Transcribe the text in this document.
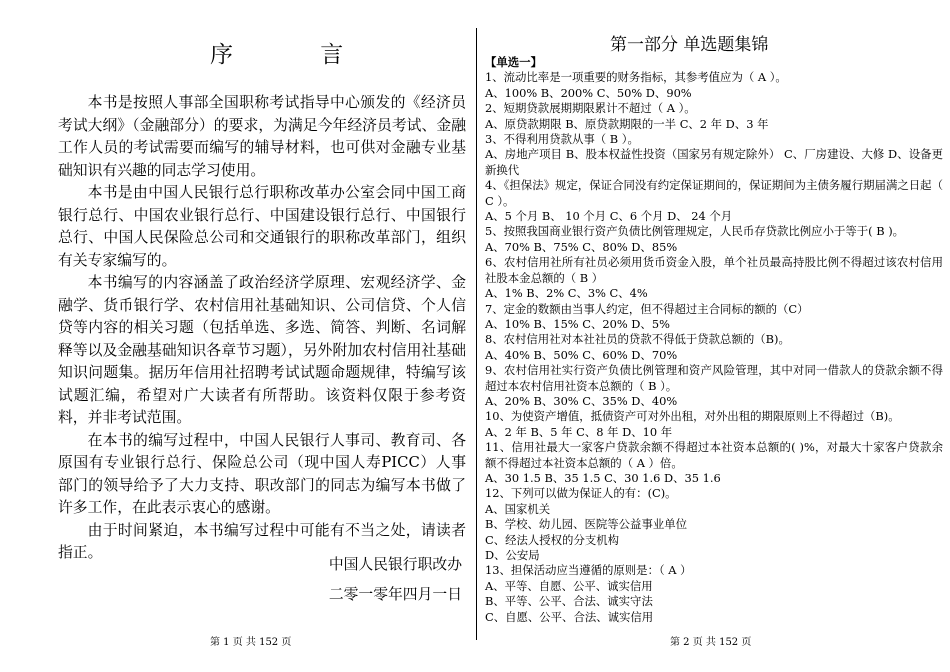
序 言

本书是按照人事部全国职称考试指导中心颁发的《经济员考试大纲》（金融部分）的要求，为满足今年经济员考试、金融工作人员的考试需要而编写的辅导材料，也可供对金融专业基础知识有兴趣的同志学习使用。

本书是由中国人民银行总行职称改革办公室会同中国工商银行总行、中国农业银行总行、中国建设银行总行、中国银行总行、中国人民保险总公司和交通银行的职称改革部门，组织有关专家编写的。

本书编写的内容涵盖了政治经济学原理、宏观经济学、金融学、货币银行学、农村信用社基础知识、公司信贷、个人信贷等内容的相关习题（包括单选、多选、简答、判断、名词解释等以及金融基础知识各章节习题），另外附加农村信用社基础知识问题集。据历年信用社招聘考试试题命题规律，特编写该试题汇编，希望对广大读者有所帮助。该资料仅限于参考资料，并非考试范围。

在本书的编写过程中，中国人民银行人事司、教育司、各原国有专业银行总行、保险总公司（现中国人寿PICC）人事部门的领导给予了大力支持、职改部门的同志为编写本书做了许多工作，在此表示衷心的感谢。

由于时间紧迫，本书编写过程中可能有不当之处，请读者指正。

中国人民银行职改办
二零一零年四月一日
第 1 页 共 152 页
第一部分 单选题集锦
【单选一】
1、流动比率是一项重要的财务指标，其参考值应为（ A ）。
A、100% B、200% C、50% D、90%
2、短期贷款展期期限累计不超过（ A ）。
A、原贷款期限 B、原贷款期限的一半 C、2 年 D、3 年
3、不得利用贷款从事（ B ）。
A、房地产项目 B、股本权益性投资（国家另有规定除外） C、厂房建设、大修 D、设备更新换代
4、《担保法》规定，保证合同没有约定保证期间的，保证期间为主债务履行期届满之日起（ C ）。
A、5 个月 B、 10 个月 C、6 个月 D、 24 个月
5、按照我国商业银行资产负债比例管理规定，人民币存贷款比例应小于等于( B )。
A、70% B、75% C、80% D、85%
6、农村信用社所有社员必须用货币资金入股，单个社员最高持股比例不得超过该农村信用社股本金总额的（ B ）
A、1% B、2% C、3% C、4%
7、定金的数额由当事人约定，但不得超过主合同标的额的（C）
A、10% B、15% C、20% D、5%
8、农村信用社对本社社员的贷款不得低于贷款总额的（B)。
A、40% B、50% C、60% D、70%
9、农村信用社实行资产负债比例管理和资产风险管理，其中对同一借款人的贷款余额不得超过本农村信用社资本总额的（ B ）。
A、20% B、30% C、35% D、40%
10、为使资产增值，抵债资产可对外出租，对外出租的期限原则上不得超过（B)。
A、2 年 B、5 年 C、8 年 D、10 年
11、信用社最大一家客户贷款余额不得超过本社资本总额的( )%，对最大十家客户贷款余额不得超过本社资本总额的（ A ）倍。
A、30 1.5 B、35 1.5 C、30 1.6 D、35 1.6
12、下列可以做为保证人的有：(C)。
A、国家机关
B、学校、幼儿园、医院等公益事业单位
C、经法人授权的分支机构
D、公安局
13、担保活动应当遵循的原则是：（ A ）
A、平等、自愿、公平、诚实信用
B、平等、公平、合法、诚实守法
C、自愿、公平、合法、诚实信用
第 2 页 共 152 页
